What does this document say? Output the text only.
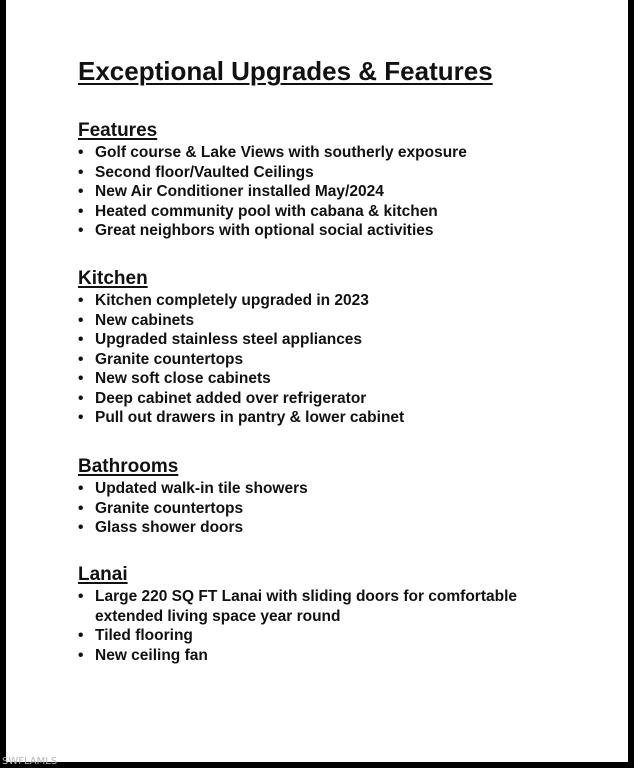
Exceptional Upgrades & Features
Features
• Golf course & Lake Views with southerly exposure
• Second floor/Vaulted Ceilings
• New Air Conditioner installed May/2024
• Heated community pool with cabana & kitchen
• Great neighbors with optional social activities
Kitchen
• Kitchen completely upgraded in 2023
• New cabinets
• Upgraded stainless steel appliances
• Granite countertops
• New soft close cabinets
• Deep cabinet added over refrigerator
• Pull out drawers in pantry & lower cabinet
Bathrooms
• Updated walk-in tile showers
• Granite countertops
• Glass shower doors
Lanai
• Large 220 SQ FT Lanai with sliding doors for comfortable extended living space year round
• Tiled flooring
• New ceiling fan
SWFLAMLS
